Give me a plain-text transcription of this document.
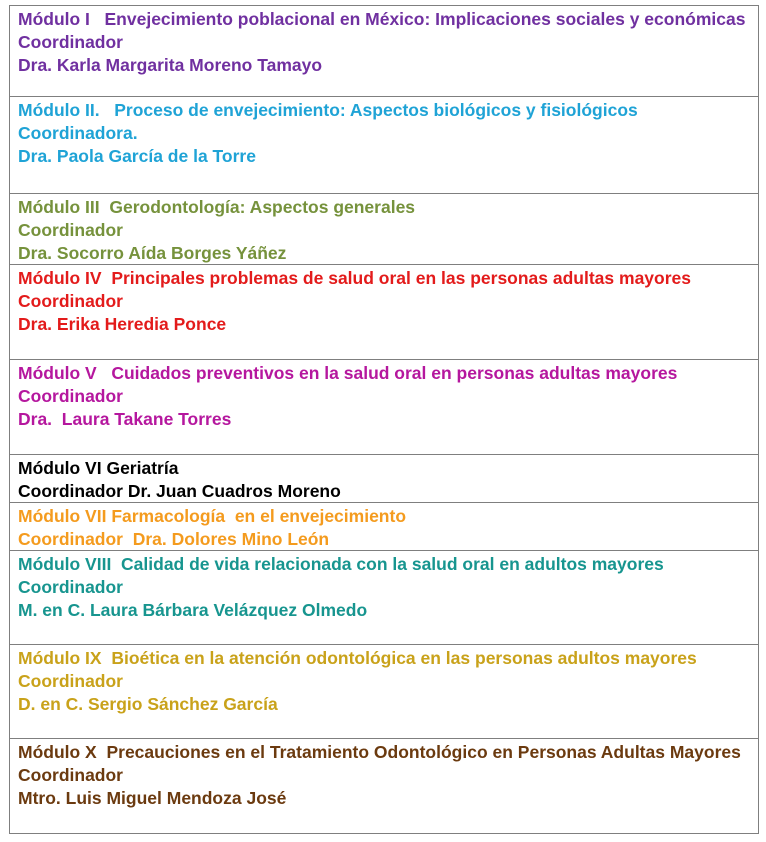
Módulo I   Envejecimiento poblacional en México: Implicaciones sociales y económicas
Coordinador
Dra. Karla Margarita Moreno Tamayo
Módulo II.   Proceso de envejecimiento: Aspectos biológicos y fisiológicos
Coordinadora.
Dra. Paola García de la Torre
Módulo III  Gerodontología: Aspectos generales
Coordinador
Dra. Socorro Aída Borges Yáñez
Módulo IV  Principales problemas de salud oral en las personas adultas mayores
Coordinador
Dra. Erika Heredia Ponce
Módulo V   Cuidados preventivos en la salud oral en personas adultas mayores
Coordinador
Dra.  Laura Takane Torres
Módulo VI Geriatría
Coordinador Dr. Juan Cuadros Moreno
Módulo VII Farmacología  en el envejecimiento
Coordinador  Dra. Dolores Mino León
Módulo VIII  Calidad de vida relacionada con la salud oral en adultos mayores
Coordinador
M. en C. Laura Bárbara Velázquez Olmedo
Módulo IX  Bioética en la atención odontológica en las personas adultos mayores
Coordinador
D. en C. Sergio Sánchez García
Módulo X  Precauciones en el Tratamiento Odontológico en Personas Adultas Mayores
Coordinador
Mtro. Luis Miguel Mendoza José
